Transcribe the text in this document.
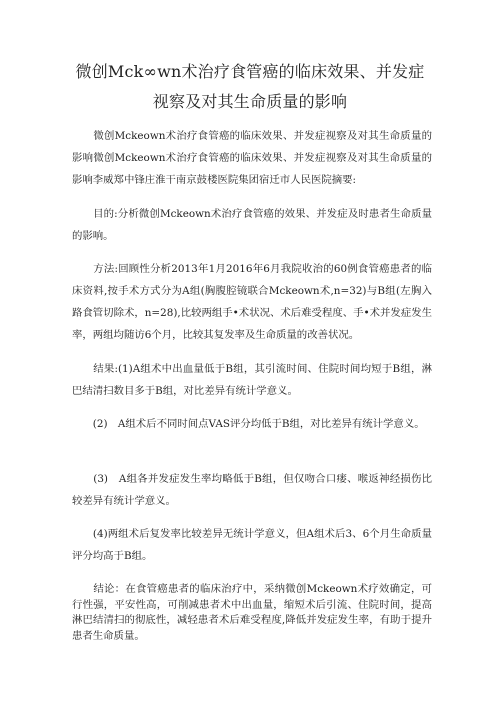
微创Mck∞wn术治疗食管癌的临床效果、并发症
视察及对其生命质量的影响
　　微创Mckeown术治疗食管癌的临床效果、并发症视察及对其生命质量的影响微创Mckeown术治疗食管癌的临床效果、并发症视察及对其生命质量的影响李威郑中锋庄淮干南京鼓楼医院集团宿迁市人民医院摘要:
　　目的:分析微创Mckeown术治疗食管癌的效果、并发症及时患者生命质量的影响。
　　方法:回顾性分析2013年1月2016年6月我院收治的60例食管癌患者的临床资料,按手术方式分为A组(胸腹腔镜联合Mckeown术,n=32)与B组(左胸入路食管切除术，n=28),比较两组手•术状况、术后难受程度、手•术并发症发生率，两组均随访6个月，比较其复发率及生命质量的改善状况。
　　结果:(1)A组术中出血量低于B组，其引流时间、住院时间均短于B组，淋巴结清扫数目多于B组，对比差异有统计学意义。
　　(2)　A组术后不同时间点VAS评分均低于B组，对比差异有统计学意义。
　　(3)　A组各并发症发生率均略低于B组，但仅吻合口瘘、喉返神经损伤比较差异有统计学意义。
　　(4)两组术后复发率比较差异无统计学意义，但A组术后3、6个月生命质量评分均高于B组。
　　结论：在食管癌患者的临床治疗中，采纳微创Mckeown术疗效确定，可行性强，平安性高，可削减患者术中出血量，缩短术后引流、住院时间，提高淋巴结清扫的彻底性，减轻患者术后难受程度,降低并发症发生率，有助于提升患者生命质量。
